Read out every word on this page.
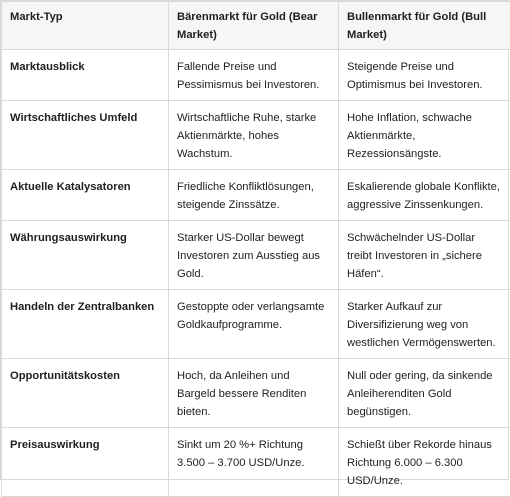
Markt-Typ	Bärenmarkt für Gold (Bear Market)	Bullenmarkt für Gold (Bull Market)
Marktausblick	Fallende Preise und Pessimismus bei Investoren.	Steigende Preise und Optimismus bei Investoren.
Wirtschaftliches Umfeld	Wirtschaftliche Ruhe, starke Aktienmärkte, hohes Wachstum.	Hohe Inflation, schwache Aktienmärkte, Rezessionsängste.
Aktuelle Katalysatoren	Friedliche Konfliktlösungen, steigende Zinssätze.	Eskalierende globale Konflikte, aggressive Zinssenkungen.
Währungsauswirkung	Starker US-Dollar bewegt Investoren zum Ausstieg aus Gold.	Schwächelnder US-Dollar treibt Investoren in „sichere Häfen“.
Handeln der Zentralbanken	Gestoppte oder verlangsamte Goldkaufprogramme.	Starker Aufkauf zur Diversifizierung weg von westlichen Vermögenswerten.
Opportunitätskosten	Hoch, da Anleihen und Bargeld bessere Renditen bieten.	Null oder gering, da sinkende Anleiherenditen Gold begünstigen.
Preisauswirkung	Sinkt um 20 %+ Richtung 3.500 – 3.700 USD/Unze.	Schießt über Rekorde hinaus Richtung 6.000 – 6.300 USD/Unze.
